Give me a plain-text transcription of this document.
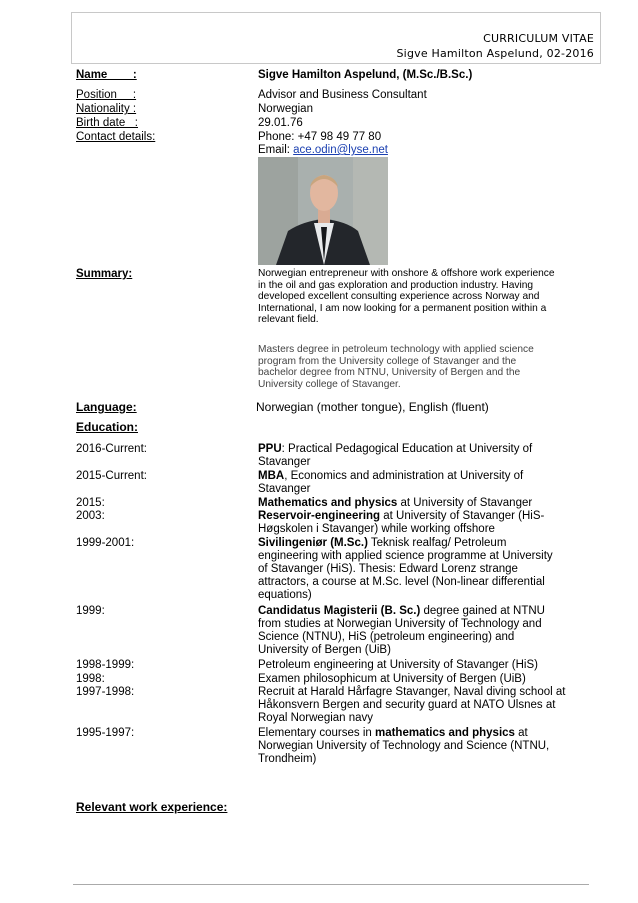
CURRICULUM VITAE
Sigve Hamilton Aspelund, 02-2016
Name        :	Sigve Hamilton Aspelund, (M.Sc./B.Sc.)
Position     :	Advisor and Business Consultant
Nationality :	Norwegian
Birth date   :	29.01.76
Contact details:	Phone: +47 98 49 77 80
Email: ace.odin@lyse.net
Summary:	Norwegian entrepreneur with onshore & offshore work experience in the oil and gas exploration and production industry. Having developed excellent consulting experience across Norway and International, I am now looking for a permanent position within a relevant field.
Masters degree in petroleum technology with applied science program from the University college of Stavanger and the bachelor degree from NTNU, University of Bergen and the University college of Stavanger.
Language:	Norwegian (mother tongue), English (fluent)
Education:
2016-Current:	PPU: Practical Pedagogical Education at University of Stavanger
2015-Current:	MBA, Economics and administration at University of Stavanger
2015:	Mathematics and physics at University of Stavanger
2003:	Reservoir-engineering at University of Stavanger (HiS-Høgskolen i Stavanger) while working offshore
1999-2001:	Sivilingeniør (M.Sc.) Teknisk realfag/ Petroleum engineering with applied science programme at University of Stavanger (HiS). Thesis: Edward Lorenz strange attractors, a course at M.Sc. level (Non-linear differential equations)
1999:	Candidatus Magisterii (B. Sc.) degree gained at NTNU from studies at Norwegian University of Technology and Science (NTNU), HiS (petroleum engineering) and University of Bergen (UiB)
1998-1999:	Petroleum engineering at University of Stavanger (HiS)
1998:	Examen philosophicum at University of Bergen (UiB)
1997-1998:	Recruit at Harald Hårfagre Stavanger, Naval diving school at Håkonsvern Bergen and security guard at NATO Ulsnes at Royal Norwegian navy
1995-1997:	Elementary courses in mathematics and physics at Norwegian University of Technology and Science (NTNU, Trondheim)
Relevant work experience:
